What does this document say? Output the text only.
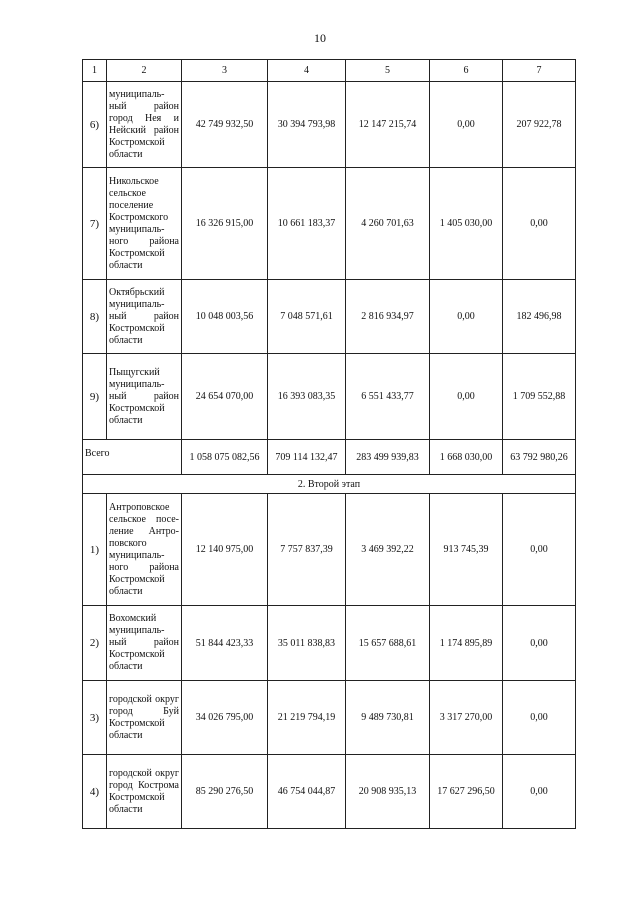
10
1	2	3	4	5	6	7
6)	муниципаль-ный район город Нея и Нейский район Костромской области	42 749 932,50	30 394 793,98	12 147 215,74	0,00	207 922,78
7)	Никольское сельское поселение Костромского муниципаль-ного района Костромской области	16 326 915,00	10 661 183,37	4 260 701,63	1 405 030,00	0,00
8)	Октябрьский муниципаль-ный район Костромской области	10 048 003,56	7 048 571,61	2 816 934,97	0,00	182 496,98
9)	Пыщугский муниципаль-ный район Костромской области	24 654 070,00	16 393 083,35	6 551 433,77	0,00	1 709 552,88
Всего		1 058 075 082,56	709 114 132,47	283 499 939,83	1 668 030,00	63 792 980,26
2. Второй этап						
1)	Антроповское сельское посе-ление Антро-повского муниципаль-ного района Костромской области	12 140 975,00	7 757 837,39	3 469 392,22	913 745,39	0,00
2)	Вохомский муниципаль-ный район Костромской области	51 844 423,33	35 011 838,83	15 657 688,61	1 174 895,89	0,00
3)	городской округ город Буй Костромской области	34 026 795,00	21 219 794,19	9 489 730,81	3 317 270,00	0,00
4)	городской округ город Кострома Костромской области	85 290 276,50	46 754 044,87	20 908 935,13	17 627 296,50	0,00
